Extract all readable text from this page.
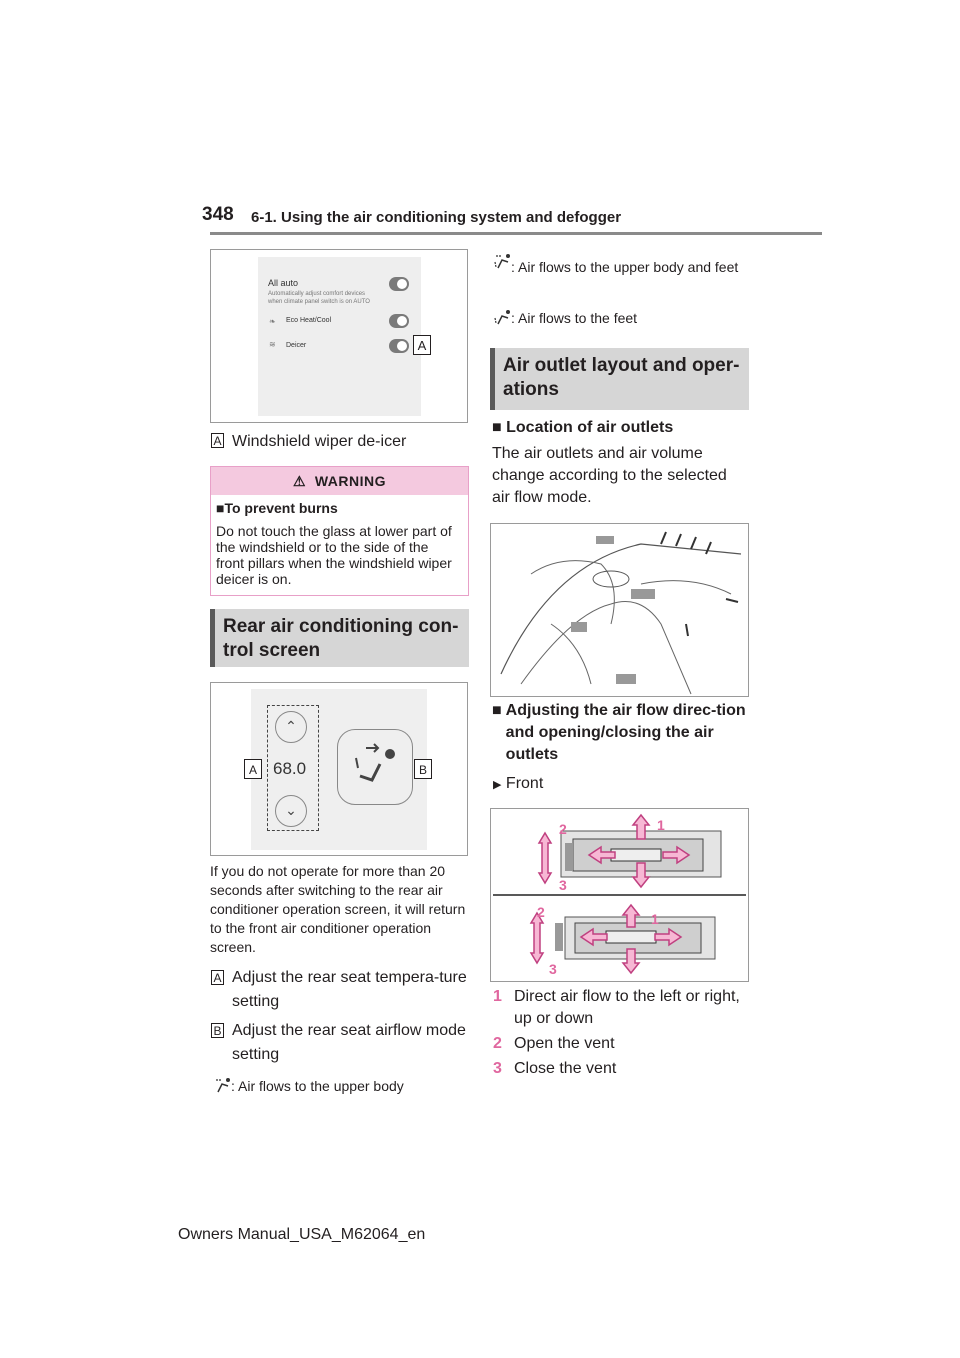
348 6-1. Using the air conditioning system and defogger
All auto
Automatically adjust comfort devices when climate panel switch is on AUTO
❧ Eco Heat/Cool
≋ Deicer	A
A Windshield wiper de-icer
⚠ WARNING
■To prevent burns
Do not touch the glass at lower part of the windshield or to the side of the front pillars when the windshield wiper deicer is on.
Rear air conditioning con-trol screen
⌃
68.0
⌄
A	B
If you do not operate for more than 20 seconds after switching to the rear air conditioner operation screen, it will return to the front air conditioner operation screen.
A Adjust the rear seat tempera-ture setting
B Adjust the rear seat airflow mode setting
: Air flows to the upper body
: Air flows to the upper body and feet
: Air flows to the feet
Air outlet layout and oper-ations
■ Location of air outlets
The air outlets and air volume change according to the selected air flow mode.
■ Adjusting the air flow direc-tion and opening/closing the air outlets
▶ Front
2	1
3
2	1
3
1 Direct air flow to the left or right, up or down
2 Open the vent
3 Close the vent
Owners Manual_USA_M62064_en
